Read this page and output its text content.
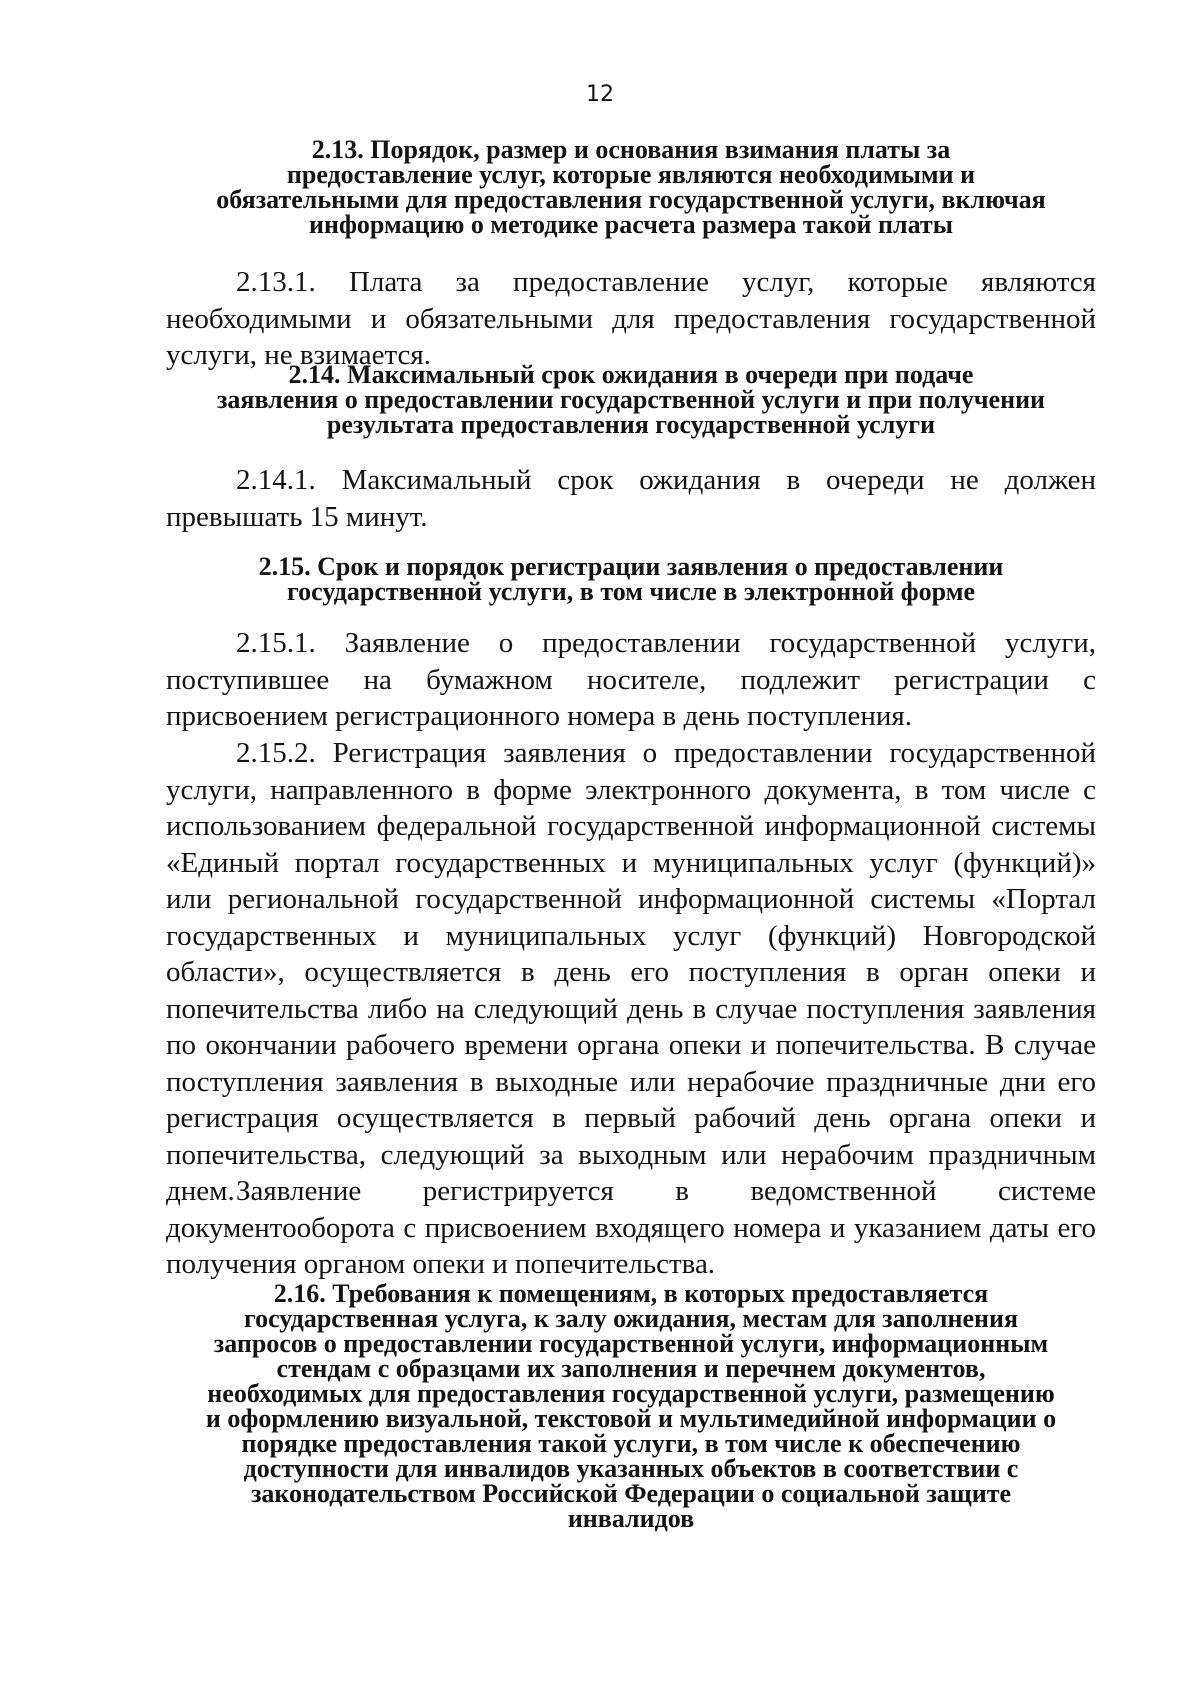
12
2.13. Порядок, размер и основания взимания платы за
предоставление услуг, которые являются необходимыми и
обязательными для предоставления государственной услуги, включая
информацию о методике расчета размера такой платы
2.13.1. Плата за предоставление услуг, которые являются необходимыми и обязательными для предоставления государственной услуги, не взимается.
2.14. Максимальный срок ожидания в очереди при подаче
заявления о предоставлении государственной услуги и при получении
результата предоставления государственной услуги
2.14.1. Максимальный срок ожидания в очереди не должен превышать 15 минут.
2.15. Срок и порядок регистрации заявления о предоставлении
государственной услуги, в том числе в электронной форме
2.15.1. Заявление о предоставлении государственной услуги, поступившее на бумажном носителе, подлежит регистрации с присвоением регистрационного номера в день поступления.
2.15.2. Регистрация заявления о предоставлении государственной услуги, направленного в форме электронного документа, в том числе с использованием федеральной государственной информационной системы «Единый портал государственных и муниципальных услуг (функций)» или региональной государственной информационной системы «Портал государственных и муниципальных услуг (функций) Новгородской области», осуществляется в день его поступления в орган опеки и попечительства либо на следующий день в случае поступления заявления по окончании рабочего времени органа опеки и попечительства. В случае поступления заявления в выходные или нерабочие праздничные дни его регистрация осуществляется в первый рабочий день органа опеки и попечительства, следующий за выходным или нерабочим праздничным днем. Заявление регистрируется в ведомственной системе документооборота с присвоением входящего номера и указанием даты его получения органом опеки и попечительства.
2.16. Требования к помещениям, в которых предоставляется
государственная услуга, к залу ожидания, местам для заполнения
запросов о предоставлении государственной услуги, информационным
стендам с образцами их заполнения и перечнем документов,
необходимых для предоставления государственной услуги, размещению
и оформлению визуальной, текстовой и мультимедийной информации о
порядке предоставления такой услуги, в том числе к обеспечению
доступности для инвалидов указанных объектов в соответствии с
законодательством Российской Федерации о социальной защите
инвалидов
